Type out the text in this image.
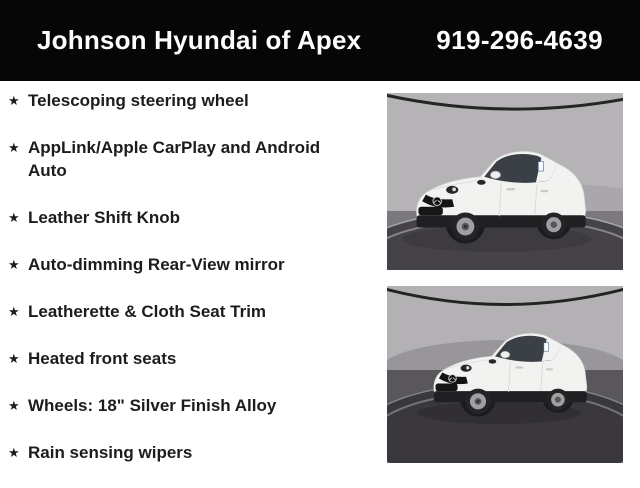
Johnson Hyundai of Apex	919-296-4639
★ Telescoping steering wheel
★ AppLink/Apple CarPlay and Android Auto
★ Leather Shift Knob
★ Auto-dimming Rear-View mirror
★ Leatherette & Cloth Seat Trim
★ Heated front seats
★ Wheels: 18" Silver Finish Alloy
★ Rain sensing wipers
